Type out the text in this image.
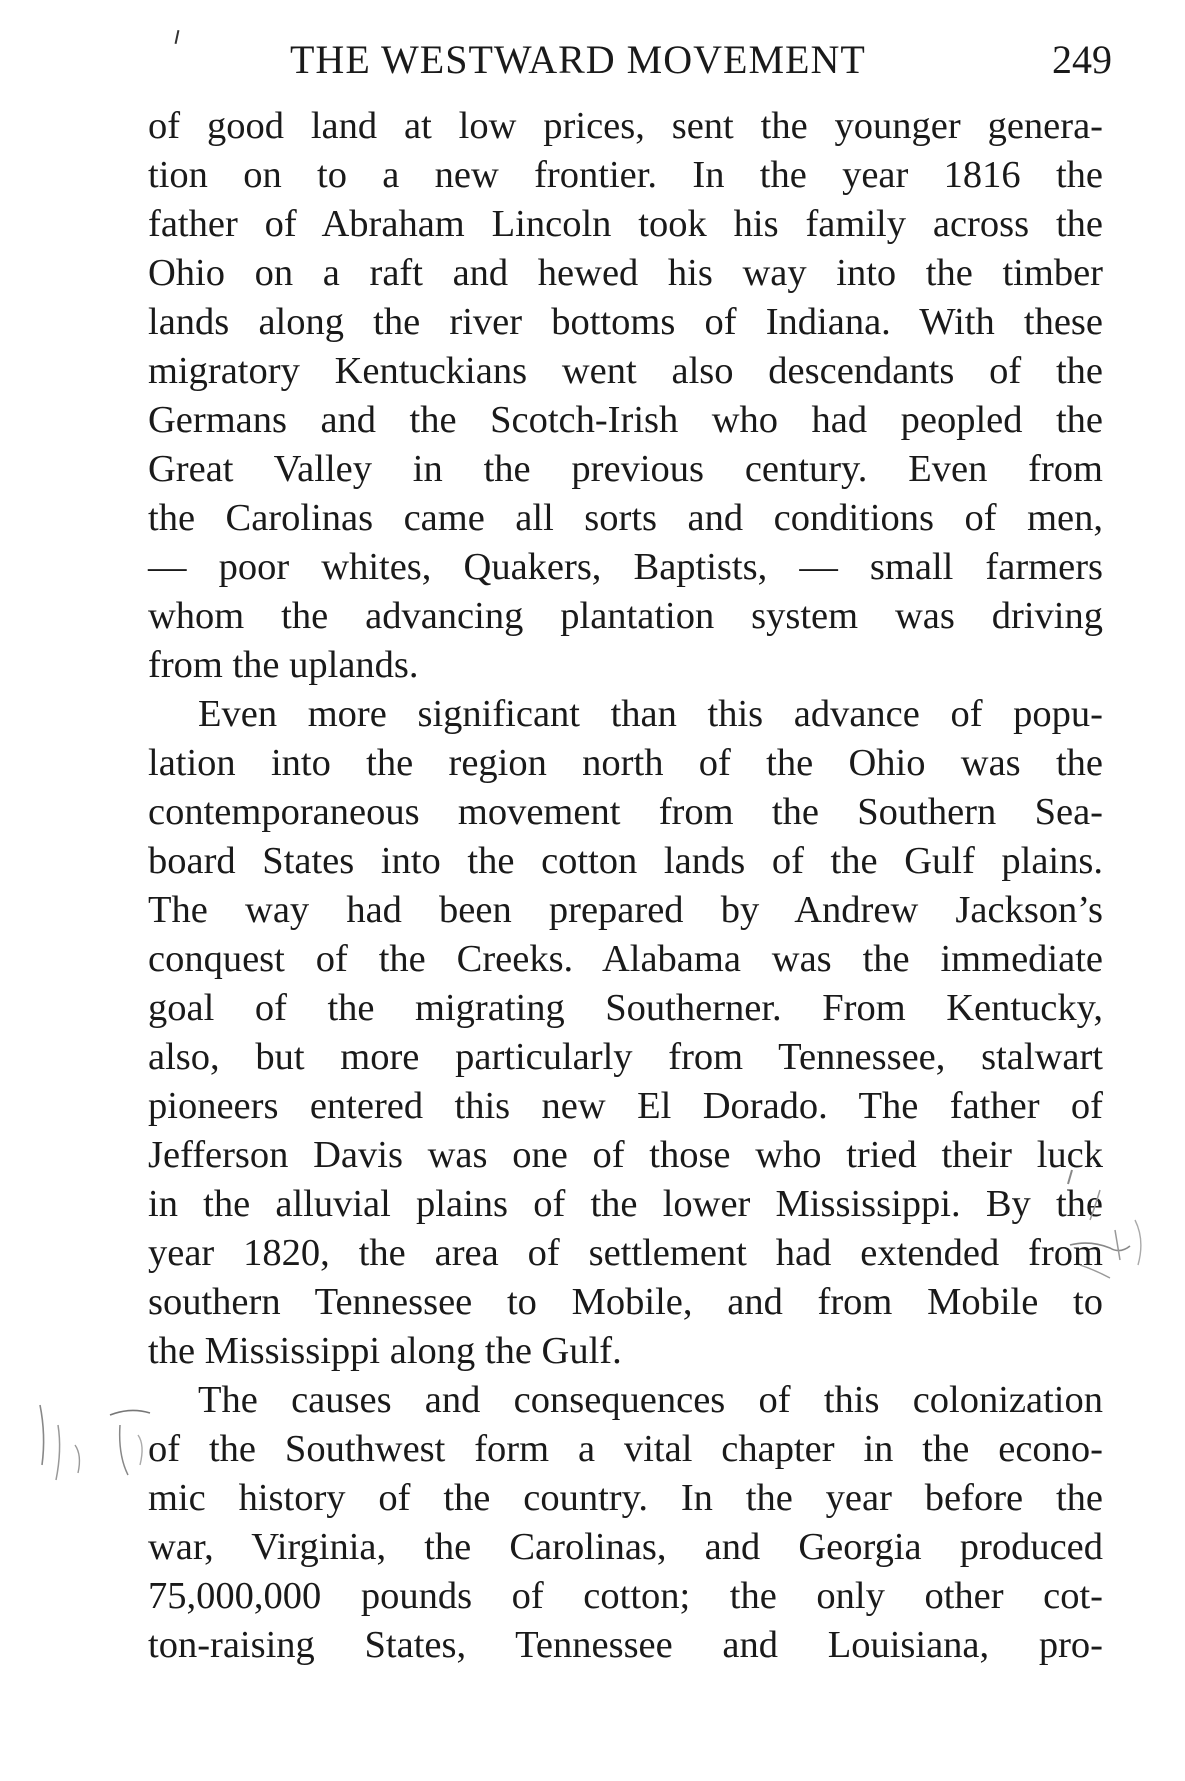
THE WESTWARD MOVEMENT	249
of good land at low prices, sent the younger genera-
tion on to a new frontier. In the year 1816 the
father of Abraham Lincoln took his family across the
Ohio on a raft and hewed his way into the timber
lands along the river bottoms of Indiana. With these
migratory Kentuckians went also descendants of the
Germans and the Scotch-Irish who had peopled the
Great Valley in the previous century. Even from
the Carolinas came all sorts and conditions of men,
— poor whites, Quakers, Baptists, — small farmers
whom the advancing plantation system was driving
from the uplands.
Even more significant than this advance of popu-
lation into the region north of the Ohio was the
contemporaneous movement from the Southern Sea-
board States into the cotton lands of the Gulf plains.
The way had been prepared by Andrew Jackson’s
conquest of the Creeks. Alabama was the immediate
goal of the migrating Southerner. From Kentucky,
also, but more particularly from Tennessee, stalwart
pioneers entered this new El Dorado. The father of
Jefferson Davis was one of those who tried their luck
in the alluvial plains of the lower Mississippi. By the
year 1820, the area of settlement had extended from
southern Tennessee to Mobile, and from Mobile to
the Mississippi along the Gulf.
The causes and consequences of this colonization
of the Southwest form a vital chapter in the econo-
mic history of the country. In the year before the
war, Virginia, the Carolinas, and Georgia produced
75,000,000 pounds of cotton; the only other cot-
ton-raising States, Tennessee and Louisiana, pro-
